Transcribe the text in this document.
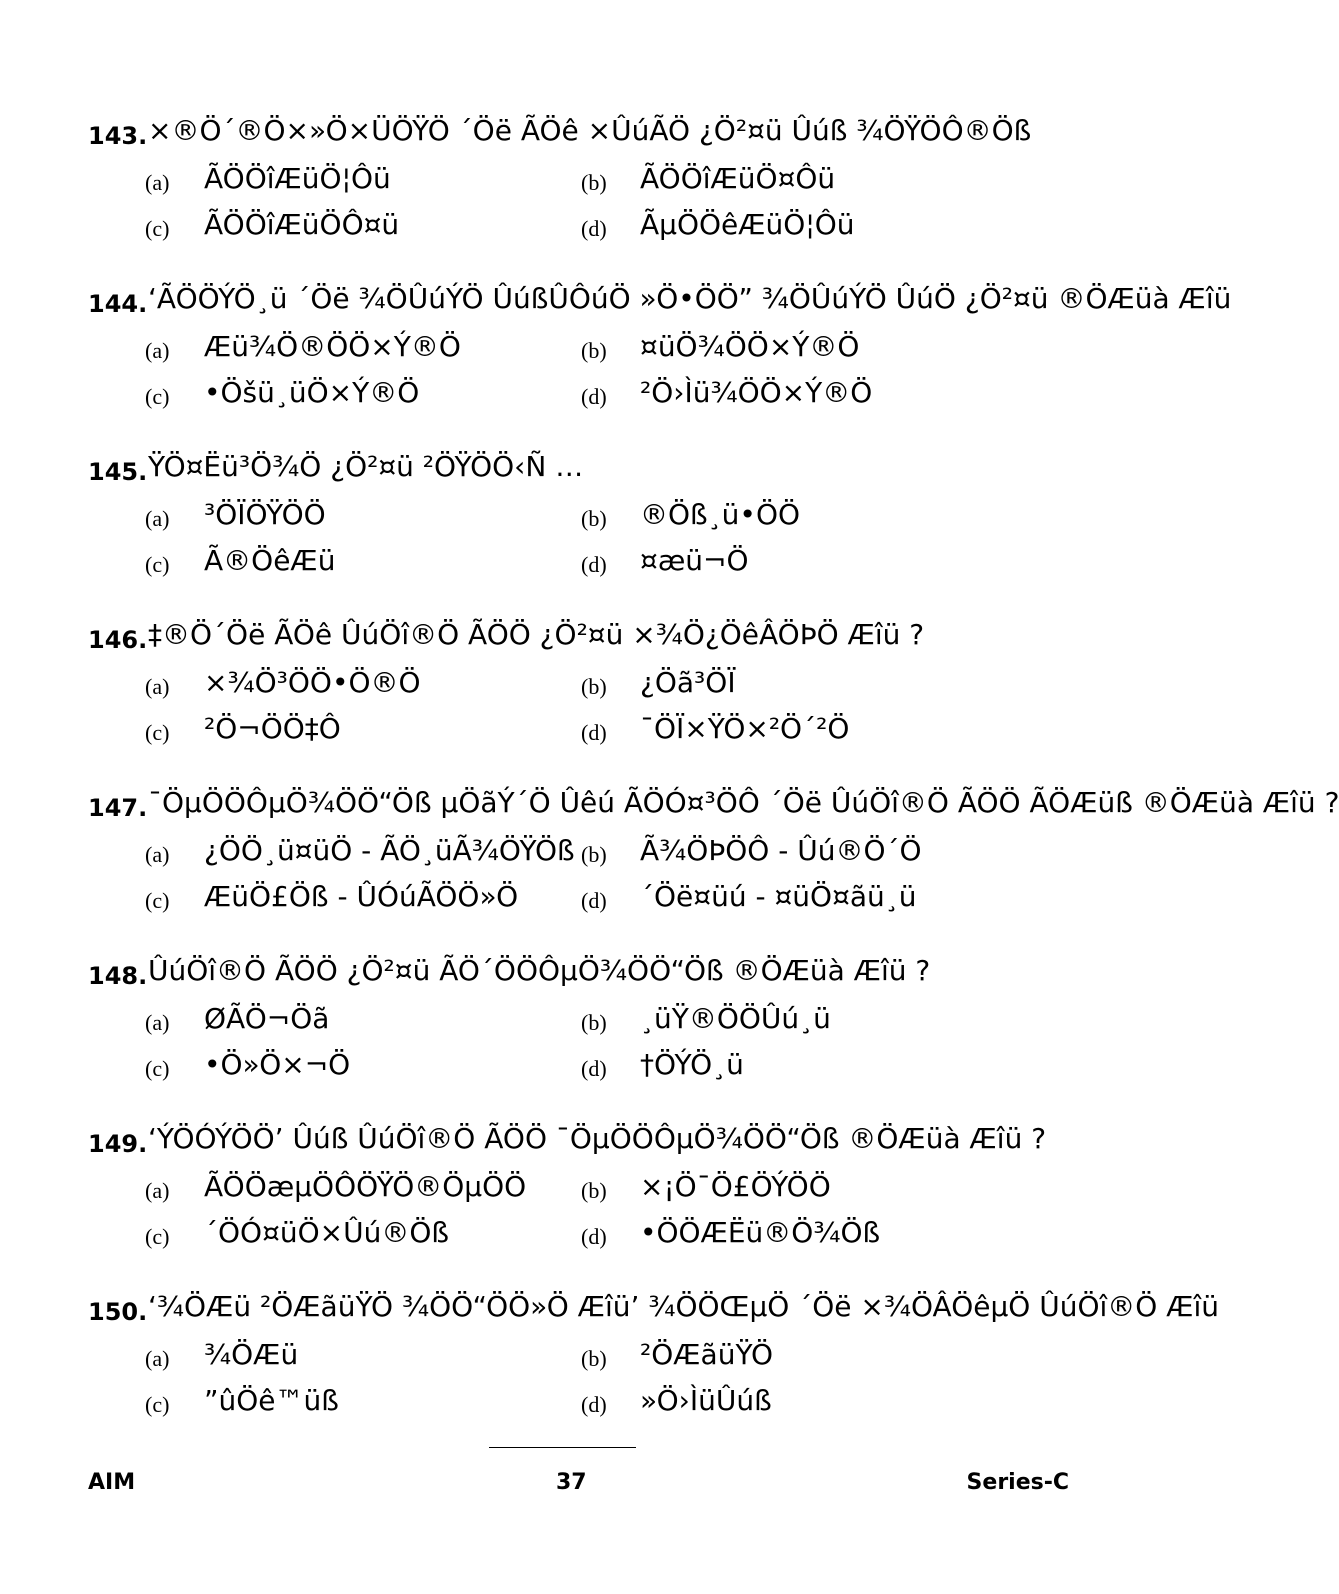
143. ×®Ö´®Ö×»Ö×ÜÖŸÖ ´Öë ÃÖê ×ÛúÃÖ ¿Ö²¤ü Ûúß ¾ÖŸÖÔ®Öß
(a) ÃÖÖîÆüÖ¦Ôü	(b) ÃÖÖîÆüÖ¤Ôü
(c) ÃÖÖîÆüÖÔ¤ü	(d) ÃµÖÖêÆüÖ¦Ôü
144. ‘ÃÖÖÝÖ¸ü ´Öë ¾ÖÛúÝÖ ÛúßÛÔúÖ »Ö•ÖÖ” ¾ÖÛúÝÖ ÛúÖ ¿Ö²¤ü ®ÖÆüà Æîü
(a) Æü¾Ö®ÖÖ×Ý®Ö	(b) ¤üÖ¾ÖÖ×Ý®Ö
(c) •Öšü¸üÖ×Ý®Ö	(d) ²Ö›Ìü¾ÖÖ×Ý®Ö
145. ŸÖ¤Ëü³Ö¾Ö ¿Ö²¤ü ²ÖŸÖÖ‹Ñ …
(a) ³ÖÏÖŸÖÖ	(b) ®Öß¸ü•ÖÖ
(c) Ã®ÖêÆü	(d) ¤æü¬Ö
146. ‡®Ö´Öë ÃÖê ÛúÖî®Ö ÃÖÖ ¿Ö²¤ü ×¾Ö¿ÖêÂÖÞÖ Æîü ?
(a) ×¾Ö³ÖÖ•Ö®Ö	(b) ¿Öã³ÖÏ
(c) ²Ö¬ÖÖ‡Ô	(d) ¯ÖÏ×ŸÖ×²Ö´²Ö
147. ¯ÖµÖÖÔµÖ¾ÖÖ“Öß µÖãÝ´Ö Ûêú ÃÖÓ¤³ÖÔ ´Öë ÛúÖî®Ö ÃÖÖ ÃÖÆüß ®ÖÆüà Æîü ?
(a) ¿ÖÖ¸ü¤üÖ - ÃÖ¸üÃ¾ÖŸÖß (b) Ã¾ÖÞÖÔ - Ûú®Ö´Ö
(c) ÆüÖ£Öß - ÛÓúÃÖÖ»Ö	(d) ´Öë¤üú - ¤üÖ¤ãü¸ü
148. ÛúÖî®Ö ÃÖÖ ¿Ö²¤ü ÃÖ´ÖÖÔµÖ¾ÖÖ“Öß ®ÖÆüà Æîü ?
(a) ØÃÖ¬Öã	(b) ¸üŸ®ÖÖÛú¸ü
(c) •Ö»Ö×¬Ö	(d) †ÖÝÖ¸ü
149. ‘ÝÖÓÝÖÖ’ Ûúß ÛúÖî®Ö ÃÖÖ ¯ÖµÖÖÔµÖ¾ÖÖ“Öß ®ÖÆüà Æîü ?
(a) ÃÖÖæµÖÔÖŸÖ®ÖµÖÖ (b) ×¡Ö¯Ö£ÖÝÖÖ
(c) ´ÖÓ¤üÖ×Ûú®Öß	(d) •ÖÖÆËü®Ö¾Öß
150. ‘¾ÖÆü ²ÖÆãüŸÖ ¾ÖÖ“ÖÖ»Ö Æîü’ ¾ÖÖŒµÖ ´Öë ×¾ÖÂÖêµÖ ÛúÖî®Ö Æîü
(a) ¾ÖÆü	(b) ²ÖÆãüŸÖ
(c) ”ûÖê™üß	(d) »Ö›ÌüÛúß
AIM	37	Series-C
